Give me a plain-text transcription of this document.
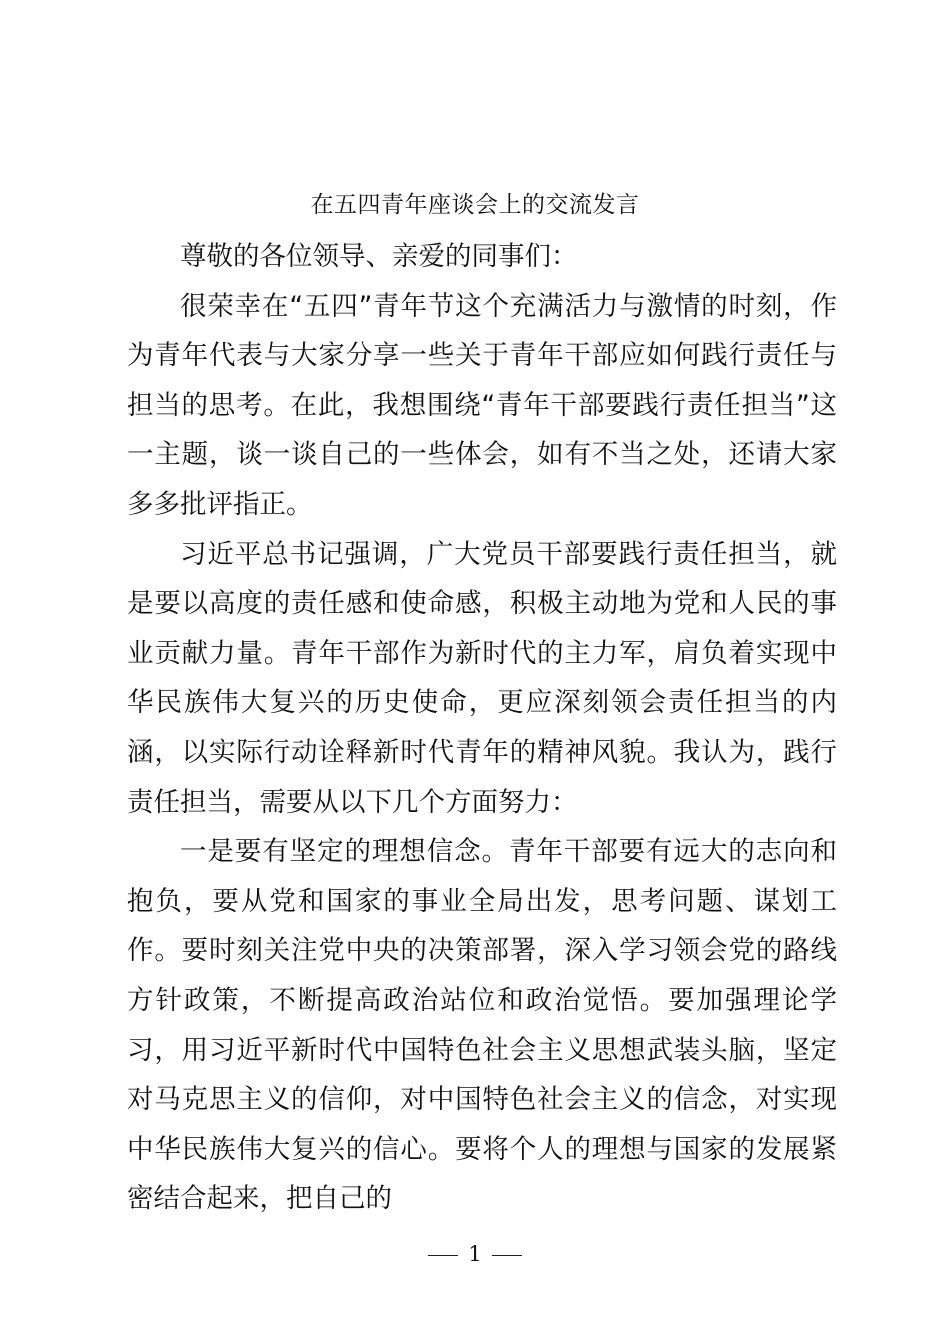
在五四青年座谈会上的交流发言

尊敬的各位领导、亲爱的同事们：

很荣幸在“五四”青年节这个充满活力与激情的时刻，作为青年代表与大家分享一些关于青年干部应如何践行责任与担当的思考。在此，我想围绕“青年干部要践行责任担当”这一主题，谈一谈自己的一些体会，如有不当之处，还请大家多多批评指正。

习近平总书记强调，广大党员干部要践行责任担当，就是要以高度的责任感和使命感，积极主动地为党和人民的事业贡献力量。青年干部作为新时代的主力军，肩负着实现中华民族伟大复兴的历史使命，更应深刻领会责任担当的内涵，以实际行动诠释新时代青年的精神风貌。我认为，践行责任担当，需要从以下几个方面努力：

一是要有坚定的理想信念。青年干部要有远大的志向和抱负，要从党和国家的事业全局出发，思考问题、谋划工作。要时刻关注党中央的决策部署，深入学习领会党的路线方针政策，不断提高政治站位和政治觉悟。要加强理论学习，用习近平新时代中国特色社会主义思想武装头脑，坚定对马克思主义的信仰，对中国特色社会主义的信念，对实现中华民族伟大复兴的信心。要将个人的理想与国家的发展紧密结合起来，把自己的

1
